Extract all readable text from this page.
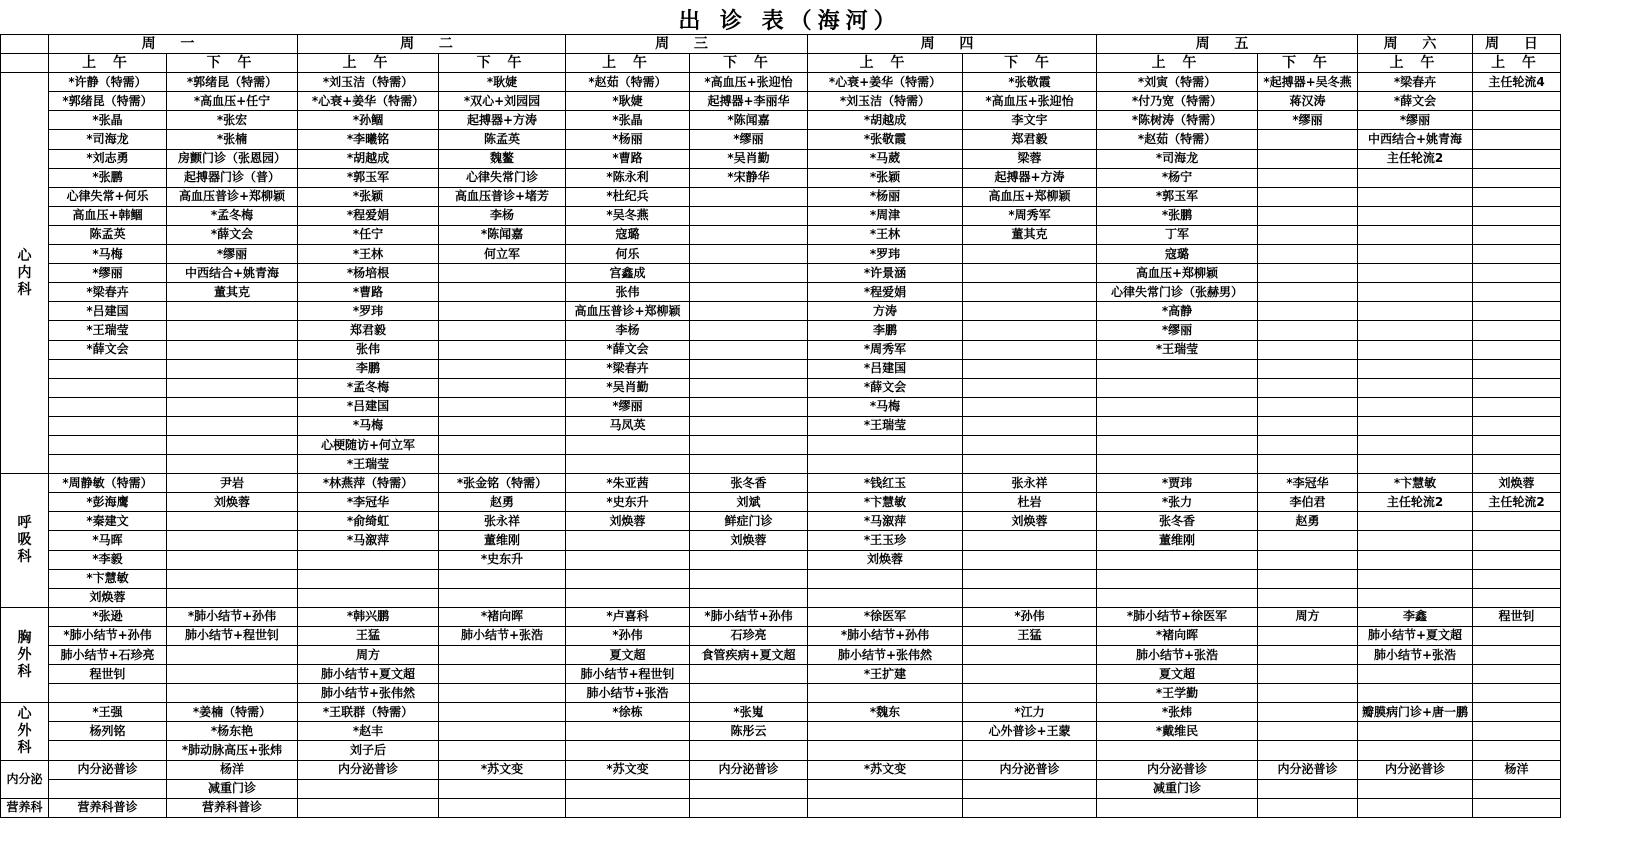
出 诊 表（海河）
	周 一		周 二		周 三		周 四		周 五		周 六	周 日
	上 午	下 午	上 午	下 午	上 午	下 午	上 午	下 午	上 午	下 午	上 午	上 午

心
内
科	*许静（特需）	*郭绪昆（特需）	*刘玉洁（特需）	*耿婕	*赵茹（特需）	*高血压+张迎怡	*心衰+姜华（特需）	*张敬霞	*刘寅（特需）	*起搏器+吴冬燕	*梁春卉	主任轮流4
	*郭绪昆（特需）	*高血压+任宁	*心衰+姜华（特需）	*双心+刘园园	*耿婕	起搏器+李丽华	*刘玉洁（特需）	*高血压+张迎怡	*付乃宽（特需）	蒋汉涛	*薛文会	
	*张晶	*张宏	*孙鲴	起搏器+方涛	*张晶	*陈闻嘉	*胡越成	李文宇	*陈树涛（特需）	*缪丽	*缪丽	
	*司海龙	*张楠	*李曦铭	陈孟英	*杨丽	*缪丽	*张敬霞	郑君毅	*赵茹（特需）		中西结合+姚青海	
	*刘志勇	房颤门诊（张恩园）	*胡越成	魏鳌	*曹路	*吴肖勤	*马葳	梁蓉	*司海龙		主任轮流2	
	*张鹏	起搏器门诊（普）	*郭玉军	心律失常门诊	*陈永利	*宋静华	*张颖	起搏器+方涛	*杨宁			
	心律失常+何乐	高血压普诊+郑柳颖	*张颖	高血压普诊+堵芳	*杜纪兵		*杨丽	高血压+郑柳颖	*郭玉军			
	高血压+韩鲴	*孟冬梅	*程爱娟	李杨	*吴冬燕		*周津	*周秀军	*张鹏			
	陈孟英	*薛文会	*任宁	*陈闻嘉	寇璐		*王林	董其克	丁军			
	*马梅	*缪丽	*王林	何立军	何乐		*罗玮		寇璐			
	*缪丽	中西结合+姚青海	*杨培根		宫鑫成		*许景涵		高血压+郑柳颖			
	*梁春卉	董其克	*曹路		张伟		*程爱娟		心律失常门诊（张赫男）			
	*吕建国		*罗玮		高血压普诊+郑柳颖		方涛		*高静			
	*王瑞莹		郑君毅		李杨		李鹏		*缪丽			
	*薛文会		张伟		*薛文会		*周秀军		*王瑞莹			
			李鹏		*梁春卉		*吕建国					
			*孟冬梅		*吴肖勤		*薛文会					
			*吕建国		*缪丽		*马梅					
			*马梅		马凤英		*王瑞莹					
			心梗随访+何立军									
			*王瑞莹									

呼
吸
科	*周静敏（特需）	尹岩	*林燕萍（特需）	*张金铭（特需）	*朱亚茜	张冬香	*钱红玉	张永祥	*贾玮	*李冠华	*卞慧敏	刘焕蓉
	*彭海鹰	刘焕蓉	*李冠华	赵勇	*史东升	刘斌	*卞慧敏	杜岩	*张力	李伯君	主任轮流2	主任轮流2
	*秦建文		*俞绮虹	张永祥	刘焕蓉	鲜症门诊	*马溆萍	刘焕蓉	张冬香	赵勇		
	*马晖		*马溆萍	董维刚		刘焕蓉	*王玉珍		董维刚			
	*李毅			*史东升			刘焕蓉					
	*卞慧敏											
	刘焕蓉											

胸
外
科	*张逊	*肺小结节+孙伟	*韩兴鹏	*褚向晖	*卢喜科	*肺小结节+孙伟	*徐医军	*孙伟	*肺小结节+徐医军	周方	李鑫	程世钊
	*肺小结节+孙伟	肺小结节+程世钊	王猛	肺小结节+张浩	*孙伟	石珍亮	*肺小结节+孙伟	王猛	*褚向晖		肺小结节+夏文超	
	肺小结节+石珍亮		周方		夏文超	食管疾病+夏文超	肺小结节+张伟然		肺小结节+张浩		肺小结节+张浩	
	程世钊		肺小结节+夏文超		肺小结节+程世钊		*王扩建		夏文超			
			肺小结节+张伟然		肺小结节+张浩				*王学勤			

心
外
科	*王强	*姜楠（特需）	*王联群（特需）		*徐栋	*张嵬	*魏东	*江力	*张炜		瓣膜病门诊+唐一鹏	
	杨列铭	*杨东艳	*赵丰			陈彤云		心外普诊+王蒙	*戴维民			
		*肺动脉高压+张炜	刘子后									

内分泌	内分泌普诊	杨洋	内分泌普诊	*苏文变	*苏文变	内分泌普诊	*苏文变	内分泌普诊	内分泌普诊	内分泌普诊	内分泌普诊	杨洋
		减重门诊							减重门诊			

营养科	营养科普诊	营养科普诊										
